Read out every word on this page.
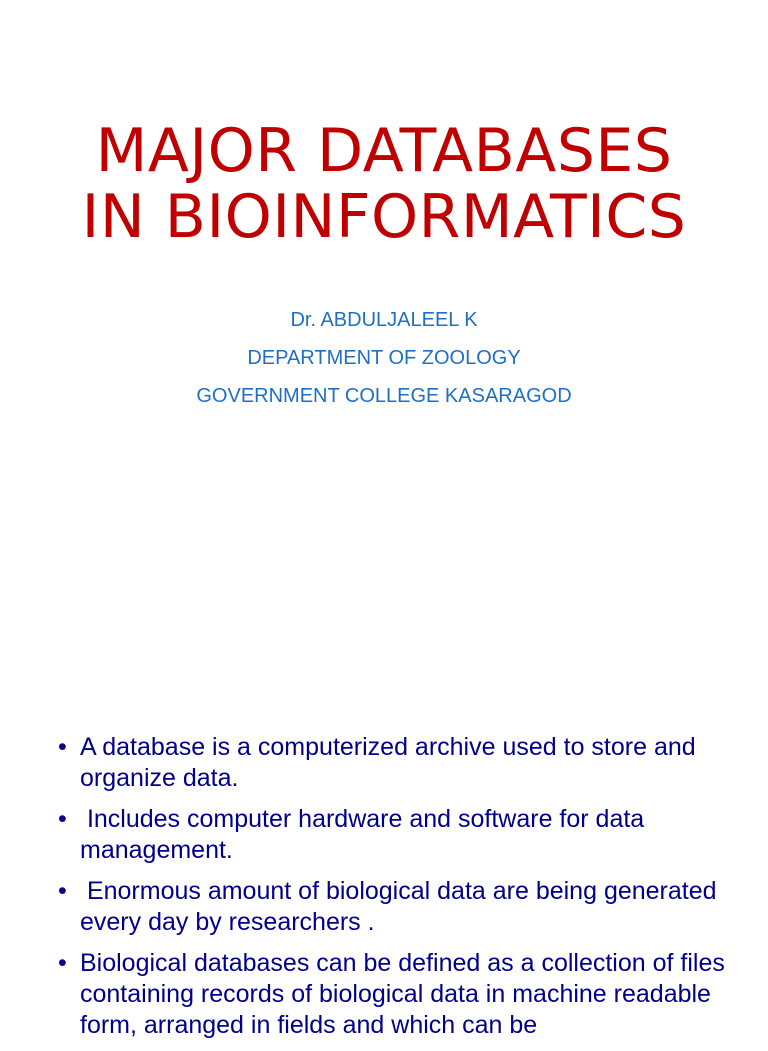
MAJOR DATABASES
IN BIOINFORMATICS
Dr. ABDULJALEEL K
DEPARTMENT OF ZOOLOGY
GOVERNMENT COLLEGE KASARAGOD
• A database is a computerized archive used to store and organize data.
• Includes computer hardware and software for data management.
• Enormous amount of biological data are being generated every day by researchers .
• Biological databases can be defined as a collection of files containing records of biological data in machine readable form, arranged in fields and which can be
